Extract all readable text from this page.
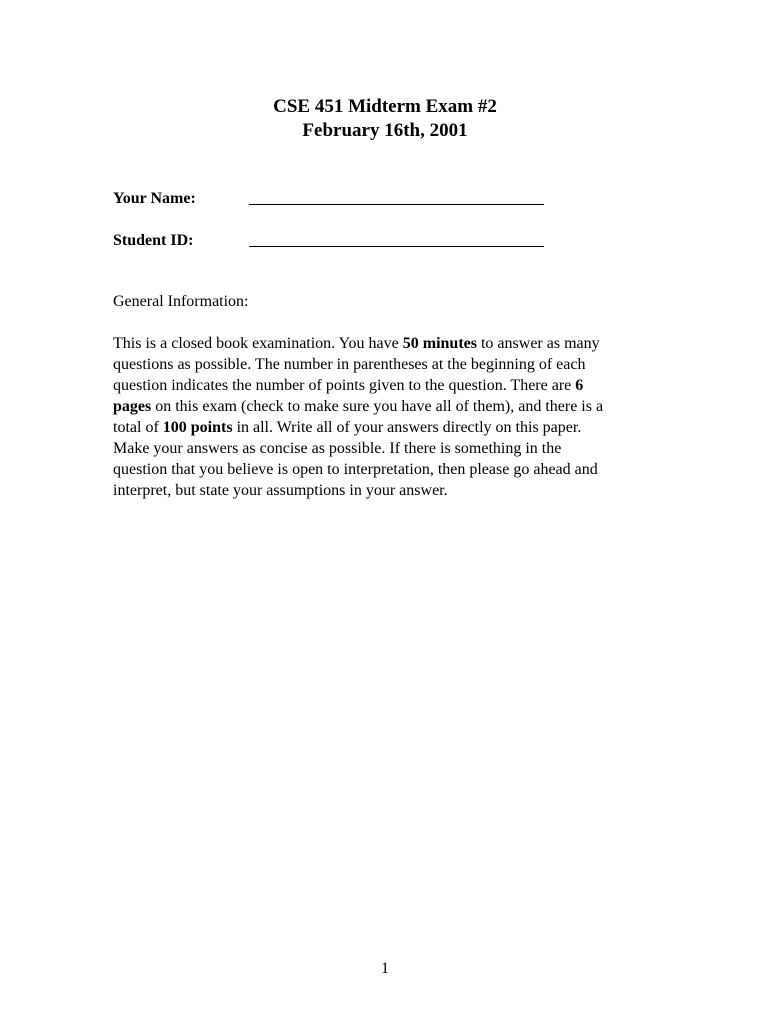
CSE 451 Midterm Exam #2
February 16th, 2001
Your Name:
Student ID:
General Information:
This is a closed book examination. You have 50 minutes to answer as many
questions as possible. The number in parentheses at the beginning of each
question indicates the number of points given to the question. There are 6
pages on this exam (check to make sure you have all of them), and there is a
total of 100 points in all. Write all of your answers directly on this paper.
Make your answers as concise as possible. If there is something in the
question that you believe is open to interpretation, then please go ahead and
interpret, but state your assumptions in your answer.
1
